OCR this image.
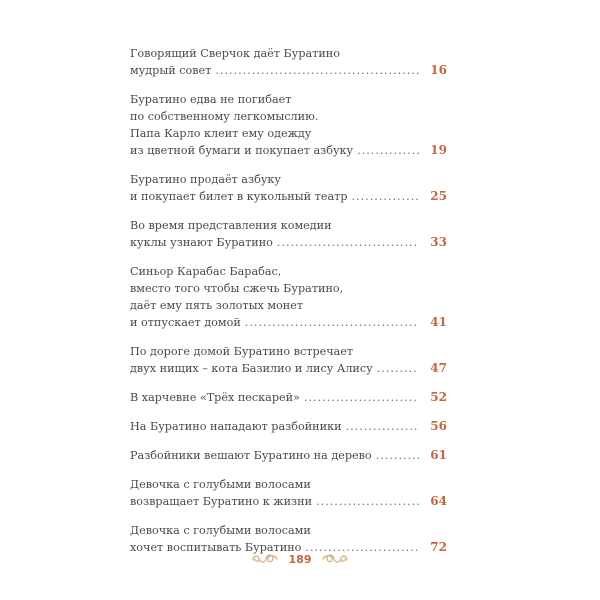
Говорящий Сверчок даёт Буратино
мудрый совет .....	16
Буратино едва не погибает
по собственному легкомыслию.
Папа Карло клеит ему одежду
из цветной бумаги и покупает азбуку .....	19
Буратино продаёт азбуку
и покупает билет в кукольный театр .....	25
Во время представления комедии
куклы узнают Буратино .....	33
Синьор Карабас Барабас,
вместо того чтобы сжечь Буратино,
даёт ему пять золотых монет
и отпускает домой .....	41
По дороге домой Буратино встречает
двух нищих – кота Базилио и лису Алису .....	47
В харчевне «Трёх пескарей» .....	52
На Буратино нападают разбойники .....	56
Разбойники вешают Буратино на дерево .....	61
Девочка с голубыми волосами
возвращает Буратино к жизни .....	64
Девочка с голубыми волосами
хочет воспитывать Буратино .....	72
189
